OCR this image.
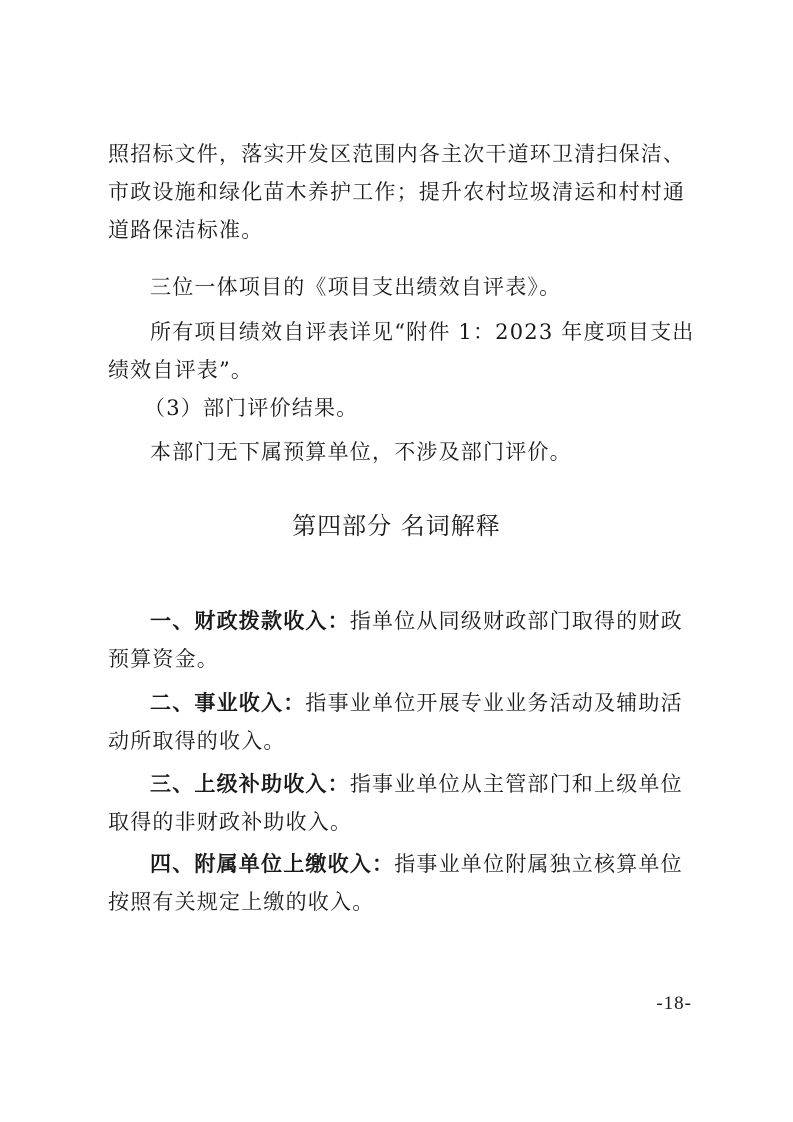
照招标文件，落实开发区范围内各主次干道环卫清扫保洁、市政设施和绿化苗木养护工作；提升农村垃圾清运和村村通道路保洁标准。

三位一体项目的《项目支出绩效自评表》。

所有项目绩效自评表详见“附件 1：2023 年度项目支出绩效自评表”。

（3）部门评价结果。

本部门无下属预算单位，不涉及部门评价。

第四部分 名词解释

一、财政拨款收入：指单位从同级财政部门取得的财政预算资金。

二、事业收入：指事业单位开展专业业务活动及辅助活动所取得的收入。

三、上级补助收入：指事业单位从主管部门和上级单位取得的非财政补助收入。

四、附属单位上缴收入：指事业单位附属独立核算单位按照有关规定上缴的收入。

-18-
